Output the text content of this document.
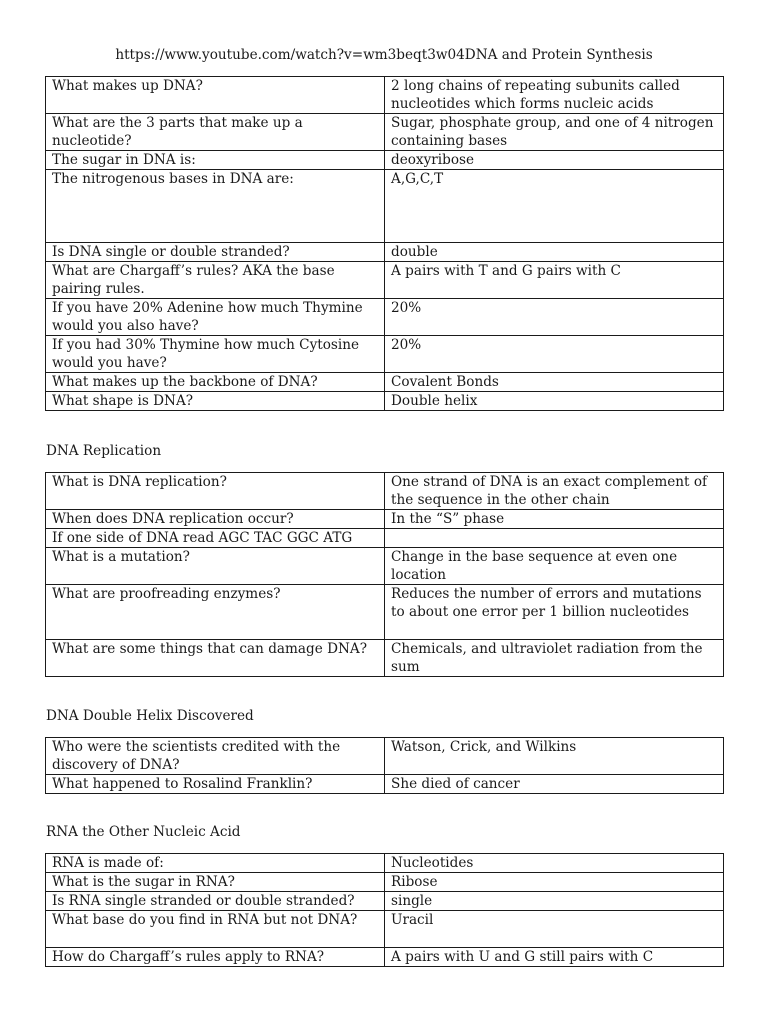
https://www.youtube.com/watch?v=wm3beqt3w04DNA and Protein Synthesis
What makes up DNA?	2 long chains of repeating subunits called nucleotides which forms nucleic acids
What are the 3 parts that make up a nucleotide?	Sugar, phosphate group, and one of 4 nitrogen containing bases
The sugar in DNA is:	deoxyribose
The nitrogenous bases in DNA are:	A,G,C,T
Is DNA single or double stranded?	double
What are Chargaff’s rules? AKA the base pairing rules.	A pairs with T and G pairs with C
If you have 20% Adenine how much Thymine would you also have?	20%
If you had 30% Thymine how much Cytosine would you have?	20%
What makes up the backbone of DNA?	Covalent Bonds
What shape is DNA?	Double helix
DNA Replication
What is DNA replication?	One strand of DNA is an exact complement of the sequence in the other chain
When does DNA replication occur?	In the “S” phase
If one side of DNA read AGC TAC GGC ATG	
What is a mutation?	Change in the base sequence at even one location
What are proofreading enzymes?	Reduces the number of errors and mutations to about one error per 1 billion nucleotides
What are some things that can damage DNA?	Chemicals, and ultraviolet radiation from the sum
DNA Double Helix Discovered
Who were the scientists credited with the discovery of DNA?	Watson, Crick, and Wilkins
What happened to Rosalind Franklin?	She died of cancer
RNA the Other Nucleic Acid
RNA is made of:	Nucleotides
What is the sugar in RNA?	Ribose
Is RNA single stranded or double stranded?	single
What base do you find in RNA but not DNA?	Uracil
How do Chargaff’s rules apply to RNA?	A pairs with U and G still pairs with C
